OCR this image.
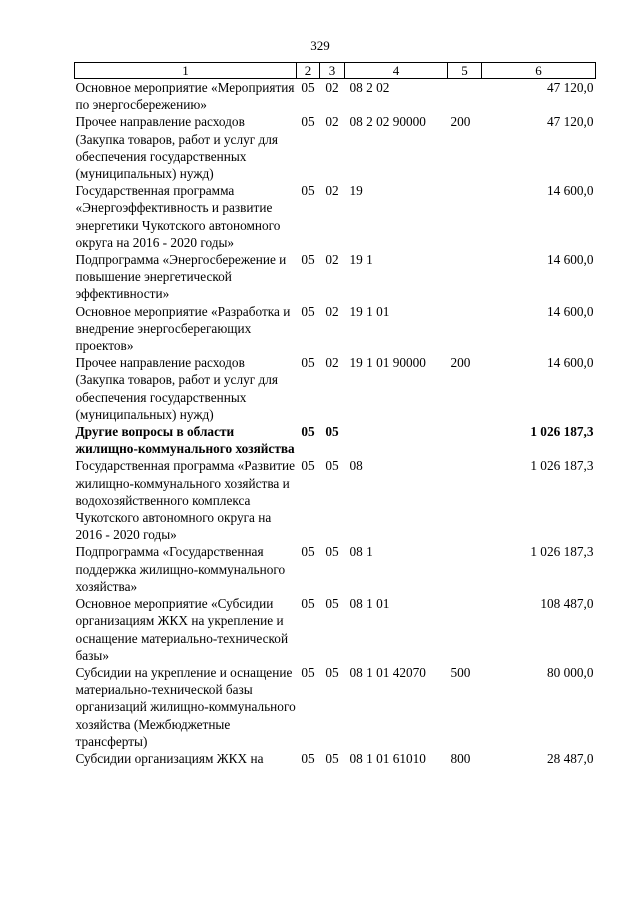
329
1	2	3	4	5	6
Основное мероприятие «Мероприятия по энергосбережению»	05	02	08 2 02		47 120,0
Прочее направление расходов (Закупка товаров, работ и услуг для обеспечения государственных (муниципальных) нужд)	05	02	08 2 02 90000	200	47 120,0
Государственная программа «Энергоэффективность и развитие энергетики Чукотского автономного округа на 2016 - 2020 годы»	05	02	19		14 600,0
Подпрограмма «Энергосбережение и повышение энергетической эффективности»	05	02	19 1		14 600,0
Основное мероприятие «Разработка и внедрение энергосберегающих проектов»	05	02	19 1 01		14 600,0
Прочее направление расходов (Закупка товаров, работ и услуг для обеспечения государственных (муниципальных) нужд)	05	02	19 1 01 90000	200	14 600,0
Другие вопросы в области жилищно-коммунального хозяйства	05	05			1 026 187,3
Государственная программа «Развитие жилищно-коммунального хозяйства и водохозяйственного комплекса Чукотского автономного округа на 2016 - 2020 годы»	05	05	08		1 026 187,3
Подпрограмма «Государственная поддержка жилищно-коммунального хозяйства»	05	05	08 1		1 026 187,3
Основное мероприятие «Субсидии организациям ЖКХ на укрепление и оснащение материально-технической базы»	05	05	08 1 01		108 487,0
Субсидии на укрепление и оснащение материально-технической базы организаций жилищно-коммунального хозяйства (Межбюджетные трансферты)	05	05	08 1 01 42070	500	80 000,0
Субсидии организациям ЖКХ на	05	05	08 1 01 61010	800	28 487,0
